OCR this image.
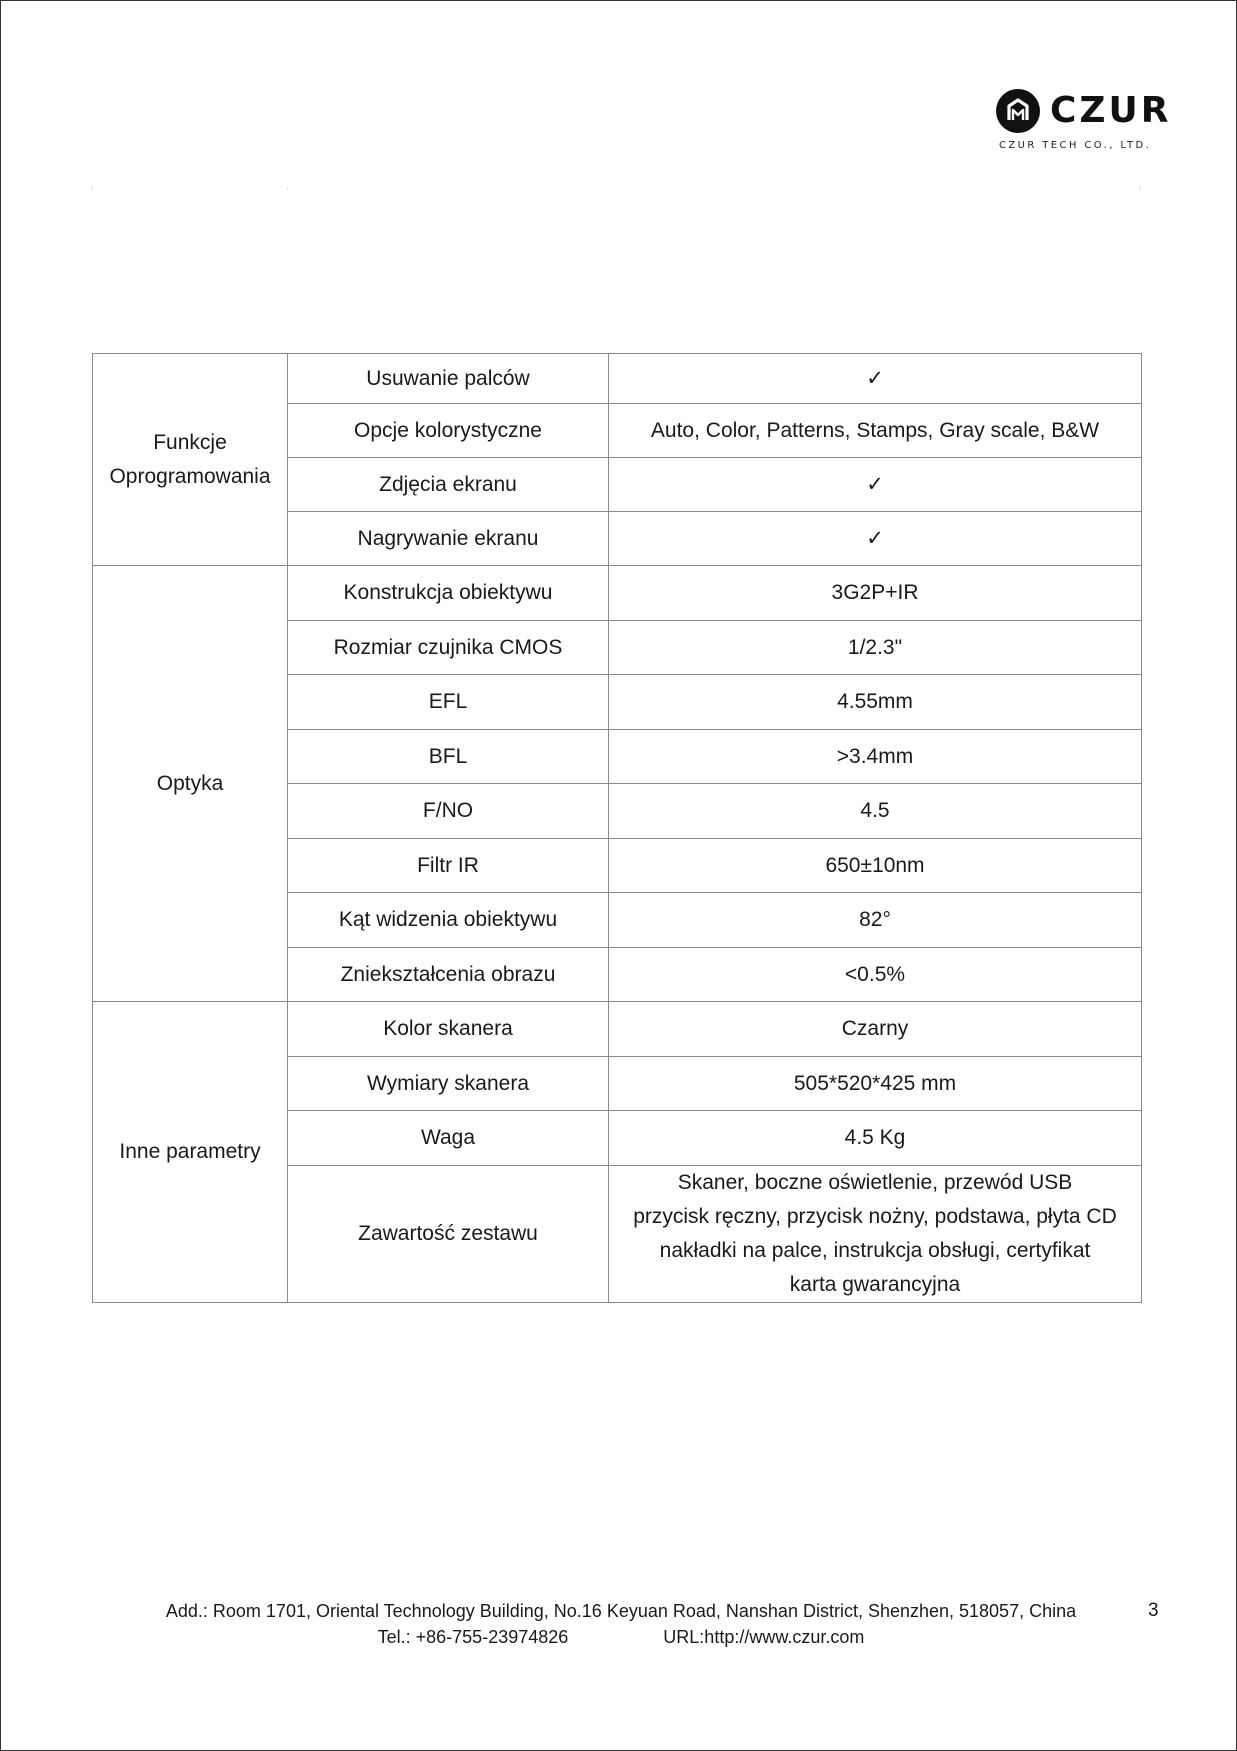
CZUR
CZUR TECH CO., LTD.
Funkcje
Oprogramowania	Usuwanie palców	✓
	Opcje kolorystyczne	Auto, Color, Patterns, Stamps, Gray scale, B&W
	Zdjęcia ekranu	✓
	Nagrywanie ekranu	✓
Optyka	Konstrukcja obiektywu	3G2P+IR
	Rozmiar czujnika CMOS	1/2.3"
	EFL	4.55mm
	BFL	>3.4mm
	F/NO	4.5
	Filtr IR	650±10nm
	Kąt widzenia obiektywu	82°
	Zniekształcenia obrazu	<0.5%
Inne parametry	Kolor skanera	Czarny
	Wymiary skanera	505*520*425 mm
	Waga	4.5 Kg
	Zawartość zestawu	Skaner, boczne oświetlenie, przewód USB
przycisk ręczny, przycisk nożny, podstawa, płyta CD
nakładki na palce, instrukcja obsługi, certyfikat
karta gwarancyjna
Add.: Room 1701, Oriental Technology Building, No.16 Keyuan Road, Nanshan District, Shenzhen, 518057, China
Tel.: +86-755-23974826	URL:http://www.czur.com
3
